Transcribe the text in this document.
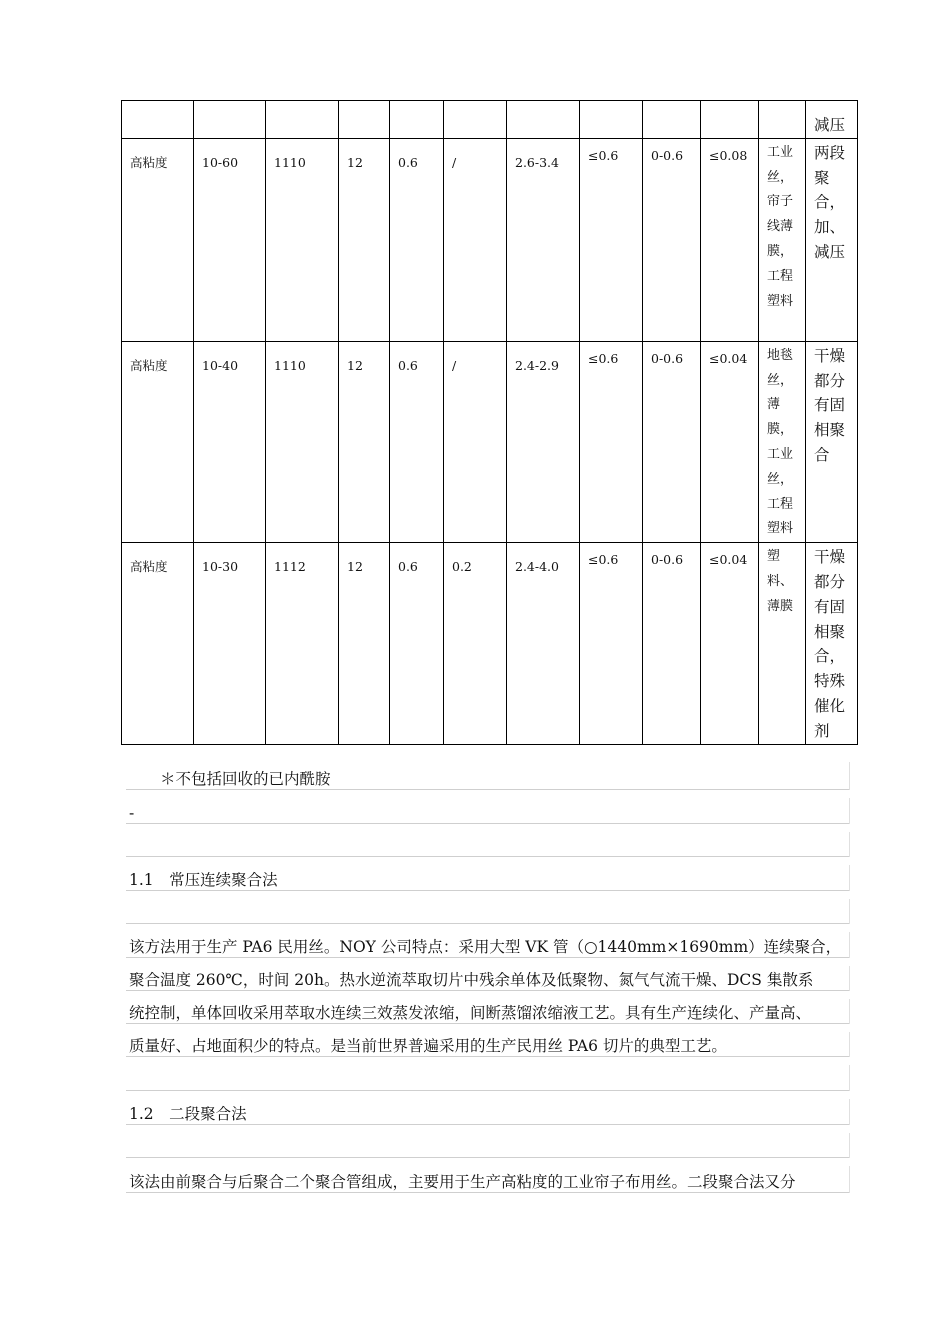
											减压

高粘度	10-60	1110	12	0.6	/	2.6-3.4	≤0.6	0-0.6	≤0.08	工业丝，帘子线薄膜，工程塑料	两段聚合，加、减压

高粘度	10-40	1110	12	0.6	/	2.4-2.9	≤0.6	0-0.6	≤0.04	地毯丝，薄膜，工业丝，工程塑料	干燥都分有固相聚合

高粘度	10-30	1112	12	0.6	0.2	2.4-4.0	≤0.6	0-0.6	≤0.04	塑料、薄膜	干燥都分有固相聚合，特殊催化剂
＊不包括回收的已内酰胺
-
1.1　常压连续聚合法
该方法用于生产 PA6 民用丝。NOY 公司特点：采用大型 VK 管（○1440mm×1690mm）连续聚合，
聚合温度 260℃，时间 20h。热水逆流萃取切片中残余单体及低聚物、氮气气流干燥、DCS 集散系
统控制，单体回收采用萃取水连续三效蒸发浓缩，间断蒸馏浓缩液工艺。具有生产连续化、产量高、
质量好、占地面积少的特点。是当前世界普遍采用的生产民用丝 PA6 切片的典型工艺。
1.2　二段聚合法
该法由前聚合与后聚合二个聚合管组成，主要用于生产高粘度的工业帘子布用丝。二段聚合法又分
